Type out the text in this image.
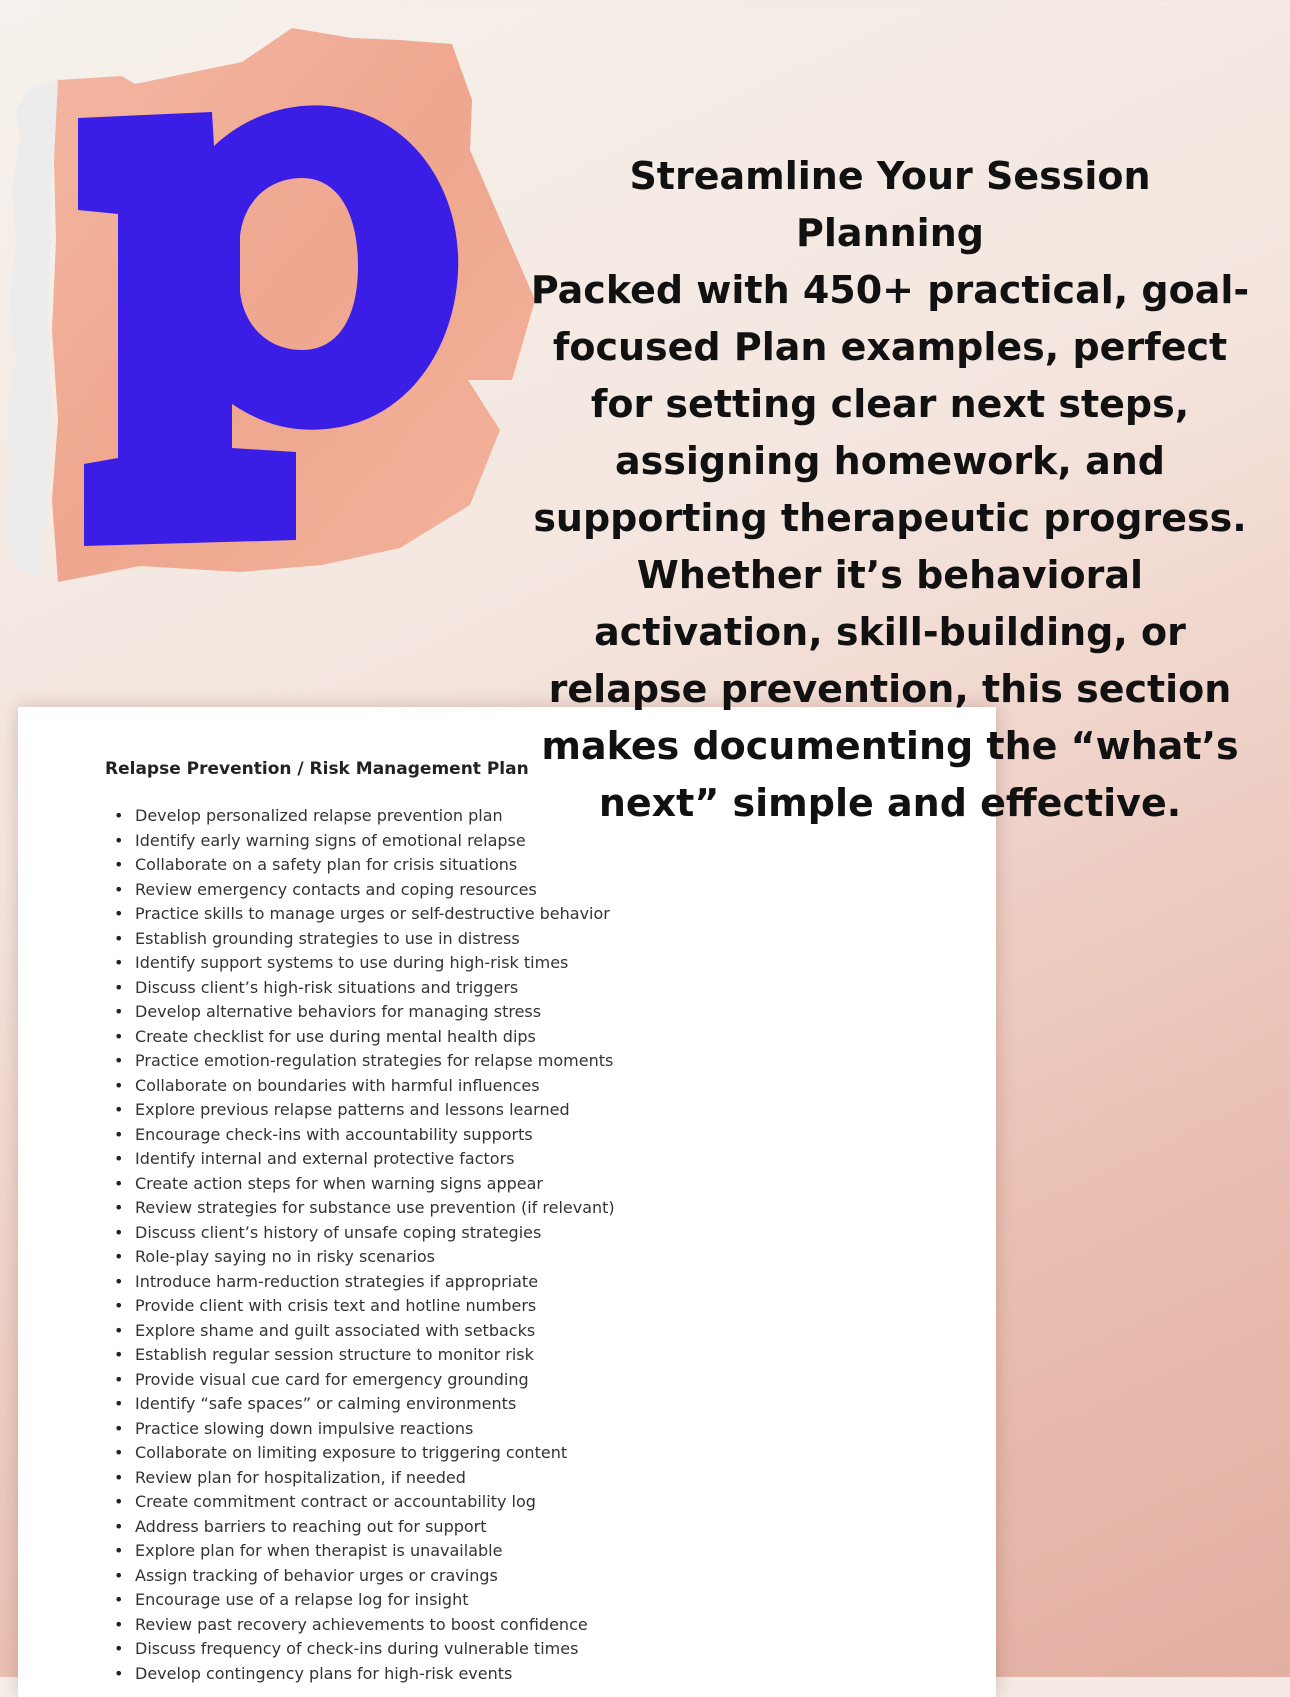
Streamline Your Session
Planning
Packed with 450+ practical, goal-
focused Plan examples, perfect
for setting clear next steps,
assigning homework, and
supporting therapeutic progress.
Whether it’s behavioral
activation, skill-building, or
relapse prevention, this section
makes documenting the “what’s
next” simple and effective.
Relapse Prevention / Risk Management Plan
• Develop personalized relapse prevention plan
• Identify early warning signs of emotional relapse
• Collaborate on a safety plan for crisis situations
• Review emergency contacts and coping resources
• Practice skills to manage urges or self-destructive behavior
• Establish grounding strategies to use in distress
• Identify support systems to use during high-risk times
• Discuss client’s high-risk situations and triggers
• Develop alternative behaviors for managing stress
• Create checklist for use during mental health dips
• Practice emotion-regulation strategies for relapse moments
• Collaborate on boundaries with harmful influences
• Explore previous relapse patterns and lessons learned
• Encourage check-ins with accountability supports
• Identify internal and external protective factors
• Create action steps for when warning signs appear
• Review strategies for substance use prevention (if relevant)
• Discuss client’s history of unsafe coping strategies
• Role-play saying no in risky scenarios
• Introduce harm-reduction strategies if appropriate
• Provide client with crisis text and hotline numbers
• Explore shame and guilt associated with setbacks
• Establish regular session structure to monitor risk
• Provide visual cue card for emergency grounding
• Identify “safe spaces” or calming environments
• Practice slowing down impulsive reactions
• Collaborate on limiting exposure to triggering content
• Review plan for hospitalization, if needed
• Create commitment contract or accountability log
• Address barriers to reaching out for support
• Explore plan for when therapist is unavailable
• Assign tracking of behavior urges or cravings
• Encourage use of a relapse log for insight
• Review past recovery achievements to boost confidence
• Discuss frequency of check-ins during vulnerable times
• Develop contingency plans for high-risk events
